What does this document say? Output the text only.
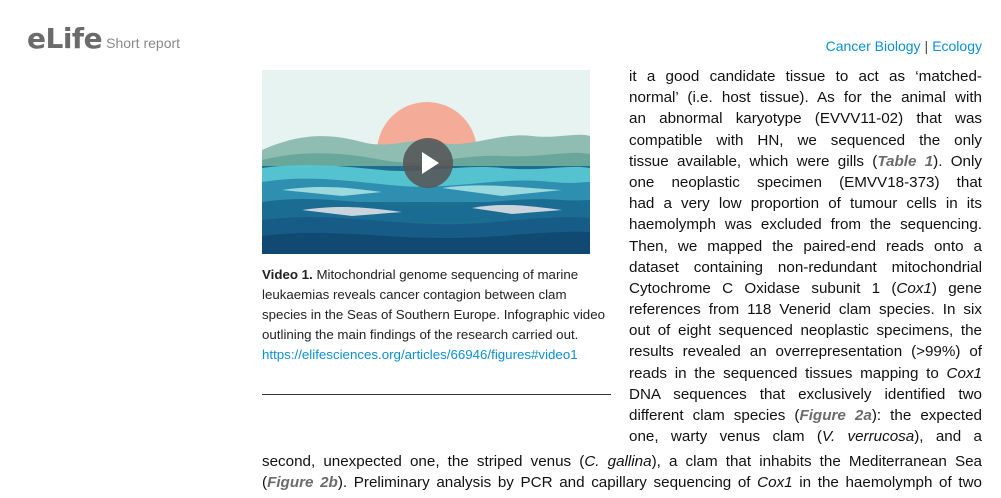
eLife Short report	Cancer Biology | Ecology
Video 1. Mitochondrial genome sequencing of marine leukaemias reveals cancer contagion between clam species in the Seas of Southern Europe. Infographic video outlining the main findings of the research carried out.
https://elifesciences.org/articles/66946/figures#video1
it a good candidate tissue to act as ‘matched-
normal’ (i.e. host tissue). As for the animal with
an abnormal karyotype (EVVV11-02) that was
compatible with HN, we sequenced the only
tissue available, which were gills (Table 1). Only
one neoplastic specimen (EMVV18-373) that
had a very low proportion of tumour cells in its
haemolymph was excluded from the sequencing.
Then, we mapped the paired-end reads onto a
dataset containing non-redundant mitochondrial
Cytochrome C Oxidase subunit 1 (Cox1) gene
references from 118 Venerid clam species. In six
out of eight sequenced neoplastic specimens, the
results revealed an overrepresentation (>99%) of
reads in the sequenced tissues mapping to Cox1
DNA sequences that exclusively identified two
different clam species (Figure 2a): the expected
one, warty venus clam (V. verrucosa), and a
second, unexpected one, the striped venus (C. gallina), a clam that inhabits the Mediterranean Sea
(Figure 2b). Preliminary analysis by PCR and capillary sequencing of Cox1 in the haemolymph of two
